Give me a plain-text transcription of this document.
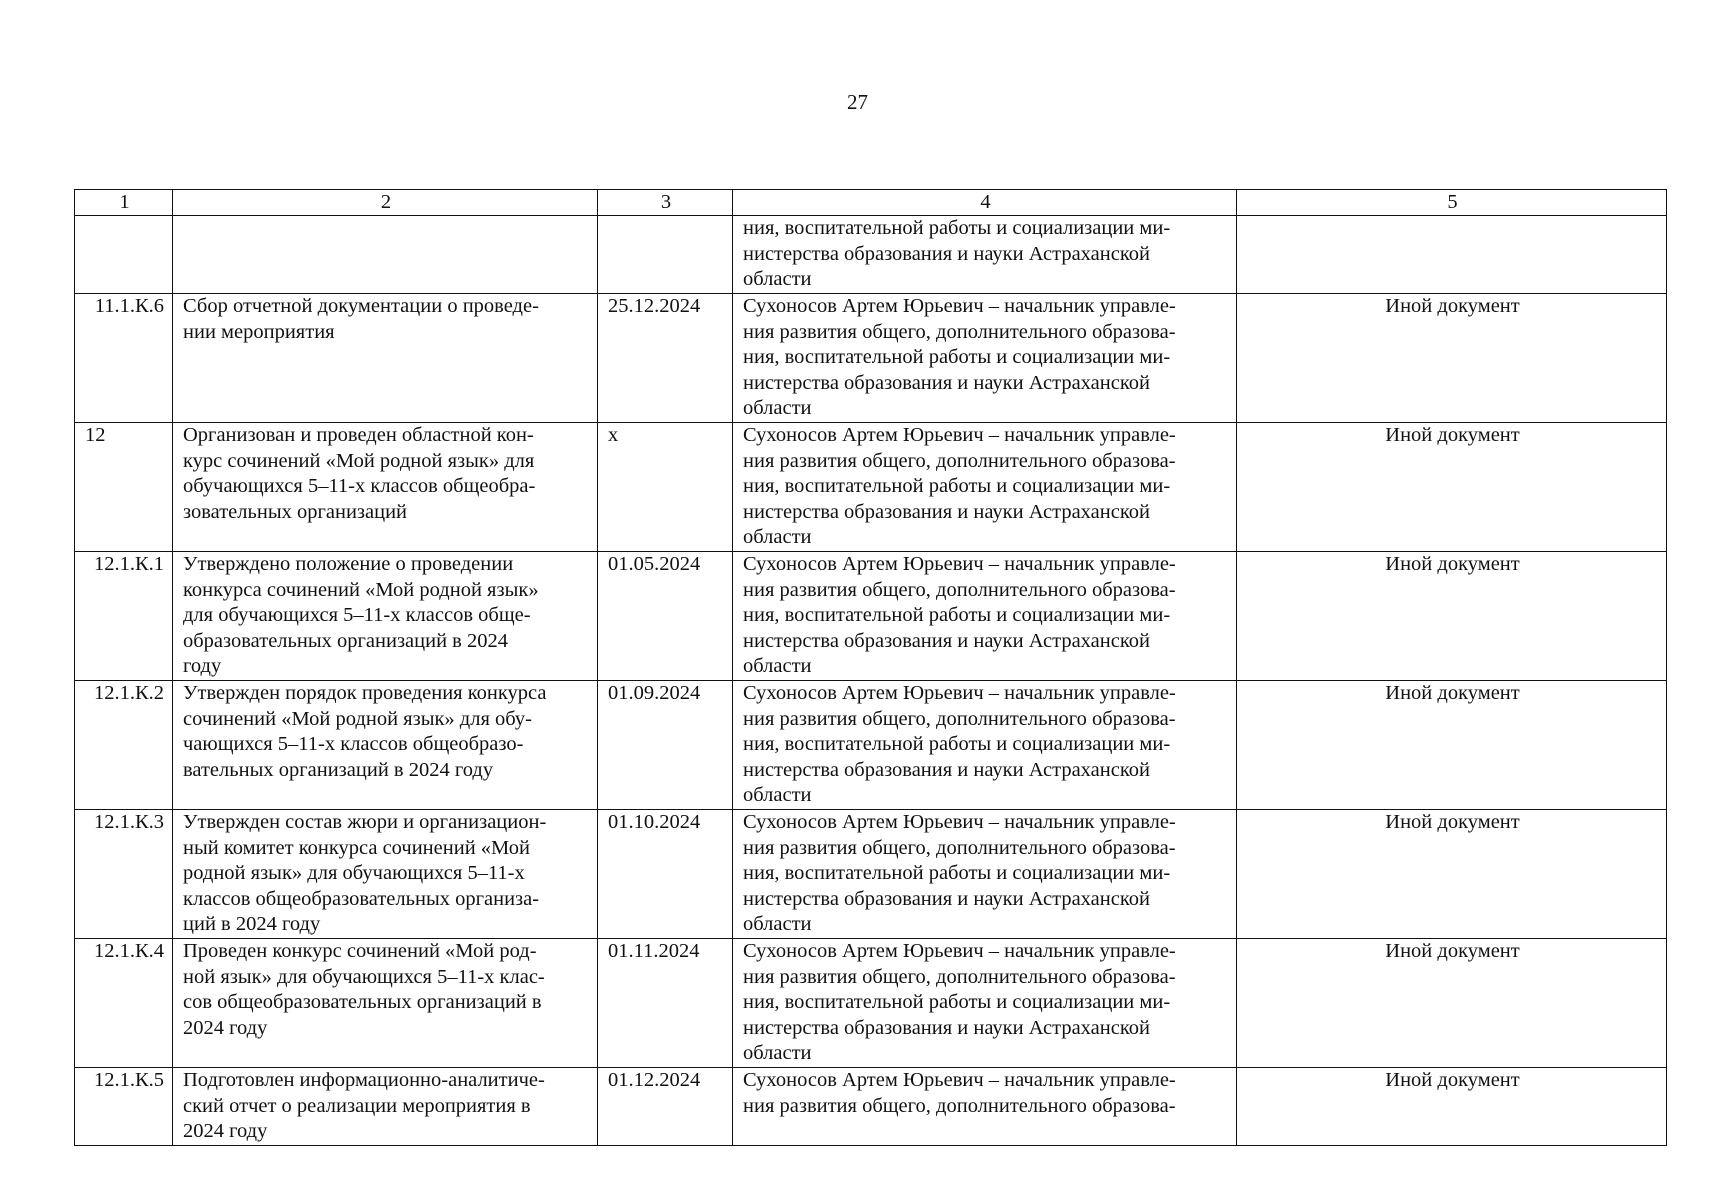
27
1	2	3	4	5

			ния, воспитательной работы и социализации ми-
нистерства образования и науки Астраханской
области	

11.1.К.6	Сбор отчетной документации о проведе-
нии мероприятия	25.12.2024	Сухоносов Артем Юрьевич – начальник управле-
ния развития общего, дополнительного образова-
ния, воспитательной работы и социализации ми-
нистерства образования и науки Астраханской
области	Иной документ
12	Организован и проведен областной кон-
курс сочинений «Мой родной язык» для
обучающихся 5–11-х классов общеобра-
зовательных организаций	х	Сухоносов Артем Юрьевич – начальник управле-
ния развития общего, дополнительного образова-
ния, воспитательной работы и социализации ми-
нистерства образования и науки Астраханской
области	Иной документ
12.1.К.1	Утверждено положение о проведении
конкурса сочинений «Мой родной язык»
для обучающихся 5–11-х классов обще-
образовательных организаций в 2024
году	01.05.2024	Сухоносов Артем Юрьевич – начальник управле-
ния развития общего, дополнительного образова-
ния, воспитательной работы и социализации ми-
нистерства образования и науки Астраханской
области	Иной документ
12.1.К.2	Утвержден порядок проведения конкурса
сочинений «Мой родной язык» для обу-
чающихся 5–11-х классов общеобразо-
вательных организаций в 2024 году	01.09.2024	Сухоносов Артем Юрьевич – начальник управле-
ния развития общего, дополнительного образова-
ния, воспитательной работы и социализации ми-
нистерства образования и науки Астраханской
области	Иной документ
12.1.К.3	Утвержден состав жюри и организацион-
ный комитет конкурса сочинений «Мой
родной язык» для обучающихся 5–11-х
классов общеобразовательных организа-
ций в 2024 году	01.10.2024	Сухоносов Артем Юрьевич – начальник управле-
ния развития общего, дополнительного образова-
ния, воспитательной работы и социализации ми-
нистерства образования и науки Астраханской
области	Иной документ
12.1.К.4	Проведен конкурс сочинений «Мой род-
ной язык» для обучающихся 5–11-х клас-
сов общеобразовательных организаций в
2024 году	01.11.2024	Сухоносов Артем Юрьевич – начальник управле-
ния развития общего, дополнительного образова-
ния, воспитательной работы и социализации ми-
нистерства образования и науки Астраханской
области	Иной документ
12.1.К.5	Подготовлен информационно-аналитиче-
ский отчет о реализации мероприятия в
2024 году	01.12.2024	Сухоносов Артем Юрьевич – начальник управле-
ния развития общего, дополнительного образова-	Иной документ
